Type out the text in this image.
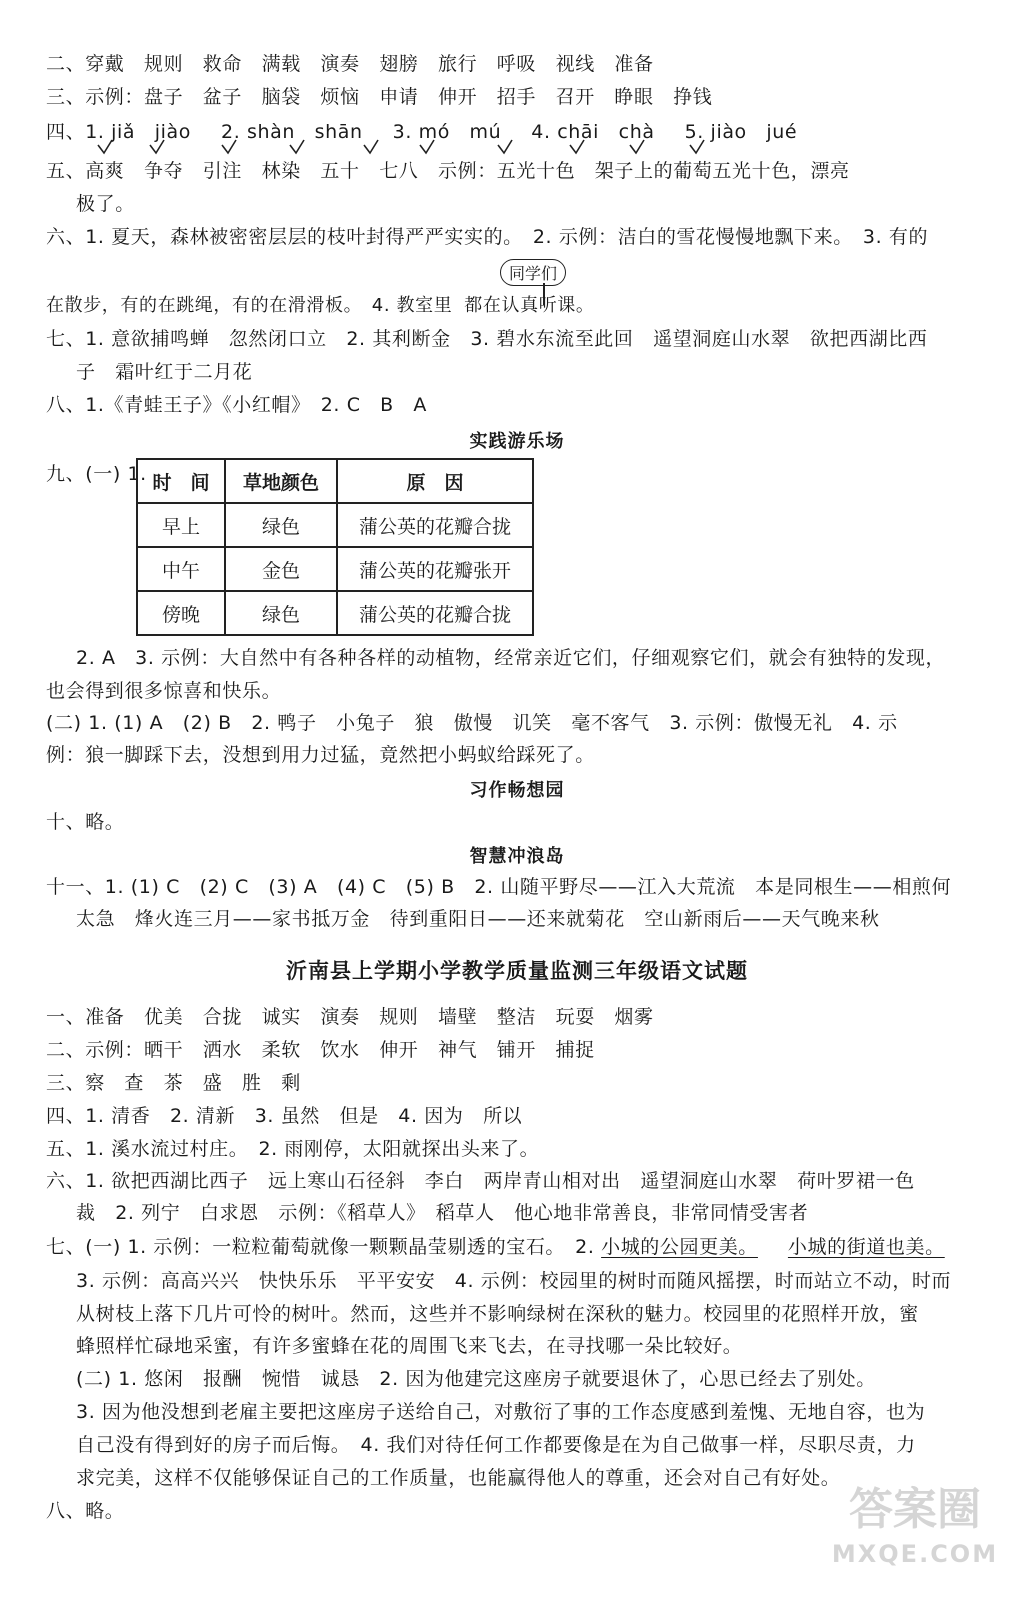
二、穿戴　规则　救命　满载　演奏　翅膀　旅行　呼吸　视线　准备
三、示例：盘子　盆子　脑袋　烦恼　申请　伸开　招手　召开　睁眼　挣钱
四、1. jiǎ　jiào 2. shàn　shān 3. mó　mú 4. chāi　chà 5. jiào　jué
五、高爽　争夺　引注　林染　五十　七八　示例：五光十色　架子上的葡萄五光十色，漂亮
极了。
六、1. 夏天，森林被密密层层的枝叶封得严严实实的。　2. 示例：洁白的雪花慢慢地飘下来。　3. 有的
同学们
在散步，有的在跳绳，有的在滑滑板。　4. 教室里 都在认真听课。
七、1. 意欲捕鸣蝉　忽然闭口立　2. 其利断金　3. 碧水东流至此回　遥望洞庭山水翠　欲把西湖比西
子　霜叶红于二月花
八、1.《青蛙王子》《小红帽》　2. C　B　A
实践游乐场
九、(一) 1. 时　间	草地颜色	原　因
早上	绿色	蒲公英的花瓣合拢
中午	金色	蒲公英的花瓣张开
傍晚	绿色	蒲公英的花瓣合拢
2. A　3. 示例：大自然中有各种各样的动植物，经常亲近它们，仔细观察它们，就会有独特的发现，
也会得到很多惊喜和快乐。
(二) 1. (1) A　(2) B　2. 鸭子　小兔子　狼　傲慢　讥笑　毫不客气　3. 示例：傲慢无礼　4. 示
例：狼一脚踩下去，没想到用力过猛，竟然把小蚂蚁给踩死了。
习作畅想园
十、略。
智慧冲浪岛
十一、1. (1) C　(2) C　(3) A　(4) C　(5) B　2. 山随平野尽——江入大荒流　本是同根生——相煎何
太急　烽火连三月——家书抵万金　待到重阳日——还来就菊花　空山新雨后——天气晚来秋
沂南县上学期小学教学质量监测三年级语文试题
一、准备　优美　合拢　诚实　演奏　规则　墙壁　整洁　玩耍　烟雾
二、示例：晒干　洒水　柔软　饮水　伸开　神气　铺开　捕捉
三、察　查　茶　盛　胜　剩
四、1. 清香　2. 清新　3. 虽然　但是　4. 因为　所以
五、1. 溪水流过村庄。　2. 雨刚停，太阳就探出头来了。
六、1. 欲把西湖比西子　远上寒山石径斜　李白　两岸青山相对出　遥望洞庭山水翠　荷叶罗裙一色
裁　2. 列宁　白求恩　示例：《稻草人》　稻草人　他心地非常善良，非常同情受害者
七、(一) 1. 示例：一粒粒葡萄就像一颗颗晶莹剔透的宝石。　2. 小城的公园更美。 小城的街道也美。
3. 示例：高高兴兴　快快乐乐　平平安安　4. 示例：校园里的树时而随风摇摆，时而站立不动，时而
从树枝上落下几片可怜的树叶。然而，这些并不影响绿树在深秋的魅力。校园里的花照样开放，蜜
蜂照样忙碌地采蜜，有许多蜜蜂在花的周围飞来飞去，在寻找哪一朵比较好。
(二) 1. 悠闲　报酬　惋惜　诚恳　2. 因为他建完这座房子就要退休了，心思已经去了别处。
3. 因为他没想到老雇主要把这座房子送给自己，对敷衍了事的工作态度感到羞愧、无地自容，也为
自己没有得到好的房子而后悔。　4. 我们对待任何工作都要像是在为自己做事一样，尽职尽责，力
求完美，这样不仅能够保证自己的工作质量，也能赢得他人的尊重，还会对自己有好处。
八、略。	答案圈
MXQE.COM
